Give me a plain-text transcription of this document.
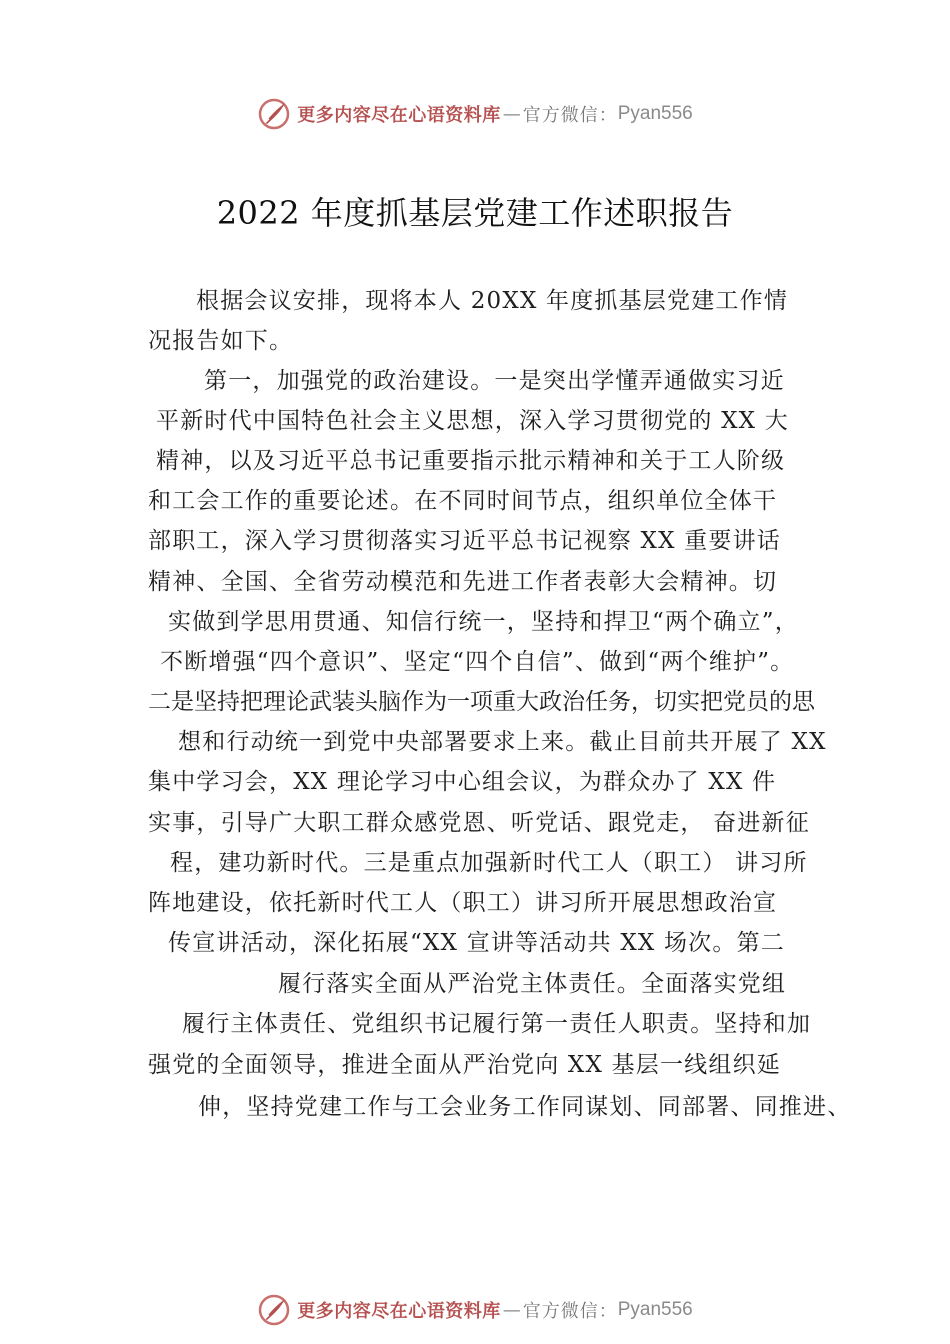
更多内容尽在心语资料库 — 官方微信： Pyan556
2022 年度抓基层党建工作述职报告
根据会议安排，现将本人 20XX 年度抓基层党建工作情
况报告如下。
第一，加强党的政治建设。一是突出学懂弄通做实习近
平新时代中国特色社会主义思想，深入学习贯彻党的 XX 大
精神，以及习近平总书记重要指示批示精神和关于工人阶级
和工会工作的重要论述。在不同时间节点，组织单位全体干
部职工，深入学习贯彻落实习近平总书记视察 XX 重要讲话
精神、全国、全省劳动模范和先进工作者表彰大会精神。切
实做到学思用贯通、知信行统一，坚持和捍卫“两个确立”，
不断增强“四个意识”、坚定“四个自信”、做到“两个维护”。
二是坚持把理论武装头脑作为一项重大政治任务，切实把党员的思
想和行动统一到党中央部署要求上来。截止目前共开展了 XX
集中学习会，XX 理论学习中心组会议，为群众办了 XX 件
实事，引导广大职工群众感党恩、听党话、跟党走， 奋进新征
程，建功新时代。三是重点加强新时代工人（职工） 讲习所
阵地建设，依托新时代工人（职工）讲习所开展思想政治宣
传宣讲活动，深化拓展“XX 宣讲等活动共 XX 场次。第二
履行落实全面从严治党主体责任。全面落实党组
履行主体责任、党组织书记履行第一责任人职责。坚持和加
强党的全面领导，推进全面从严治党向 XX 基层一线组织延
伸，坚持党建工作与工会业务工作同谋划、同部署、同推进、
更多内容尽在心语资料库 — 官方微信： Pyan556
